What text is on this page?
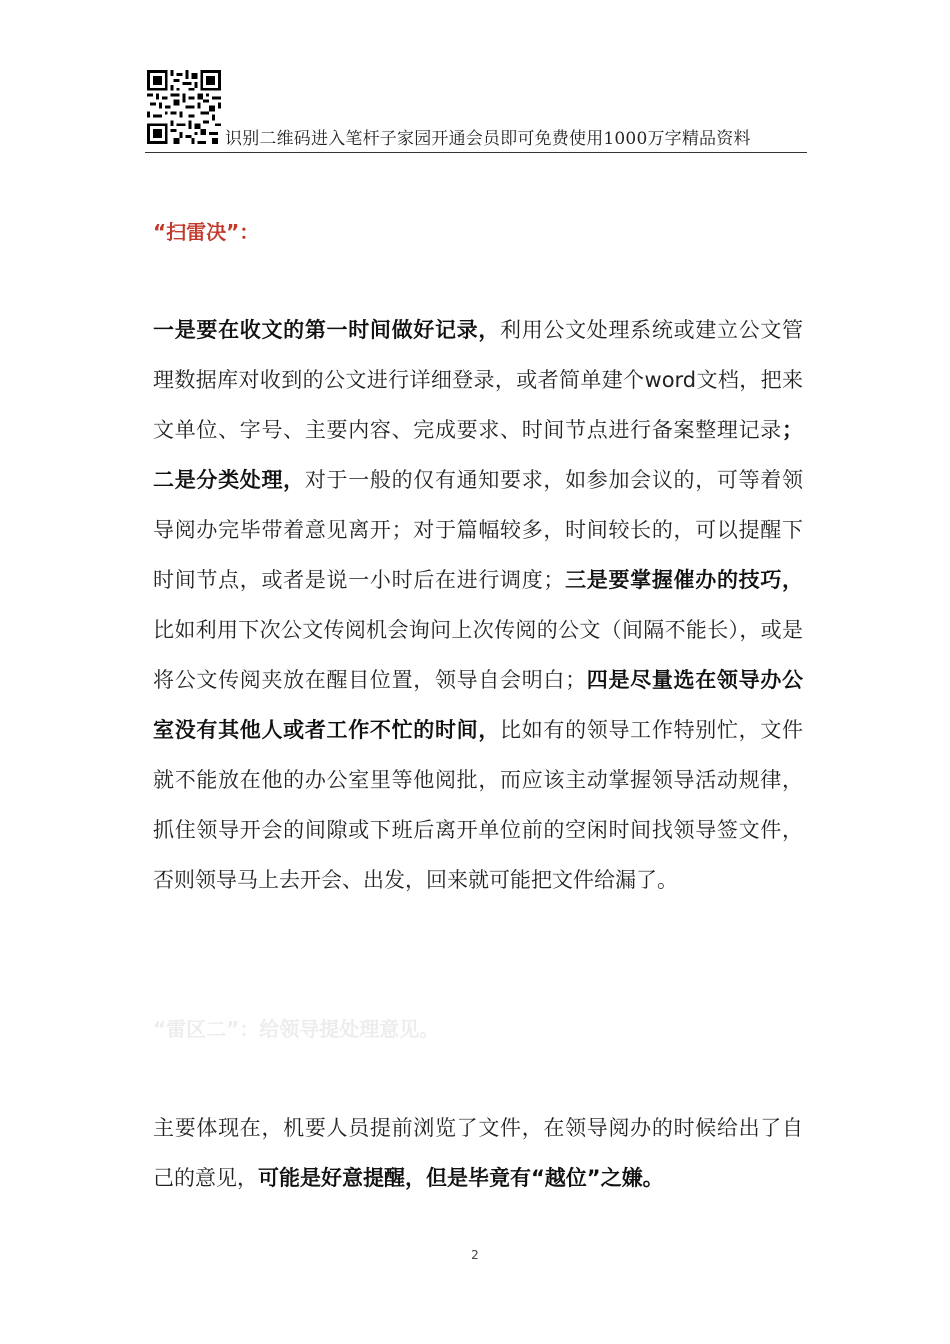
识别二维码进入笔杆子家园开通会员即可免费使用1000万字精品资料
“扫雷决”：
一是要在收文的第一时间做好记录，利用公文处理系统或建立公文管理数据库对收到的公文进行详细登录，或者简单建个word文档，把来文单位、字号、主要内容、完成要求、时间节点进行备案整理记录；二是分类处理，对于一般的仅有通知要求，如参加会议的，可等着领导阅办完毕带着意见离开；对于篇幅较多，时间较长的，可以提醒下时间节点，或者是说一小时后在进行调度；三是要掌握催办的技巧，比如利用下次公文传阅机会询问上次传阅的公文（间隔不能长），或是将公文传阅夹放在醒目位置，领导自会明白；四是尽量选在领导办公室没有其他人或者工作不忙的时间，比如有的领导工作特别忙，文件就不能放在他的办公室里等他阅批，而应该主动掌握领导活动规律，抓住领导开会的间隙或下班后离开单位前的空闲时间找领导签文件，否则领导马上去开会、出发，回来就可能把文件给漏了。
“雷区二”：给领导提处理意见。
主要体现在，机要人员提前浏览了文件，在领导阅办的时候给出了自己的意见，可能是好意提醒，但是毕竟有“越位”之嫌。
2
